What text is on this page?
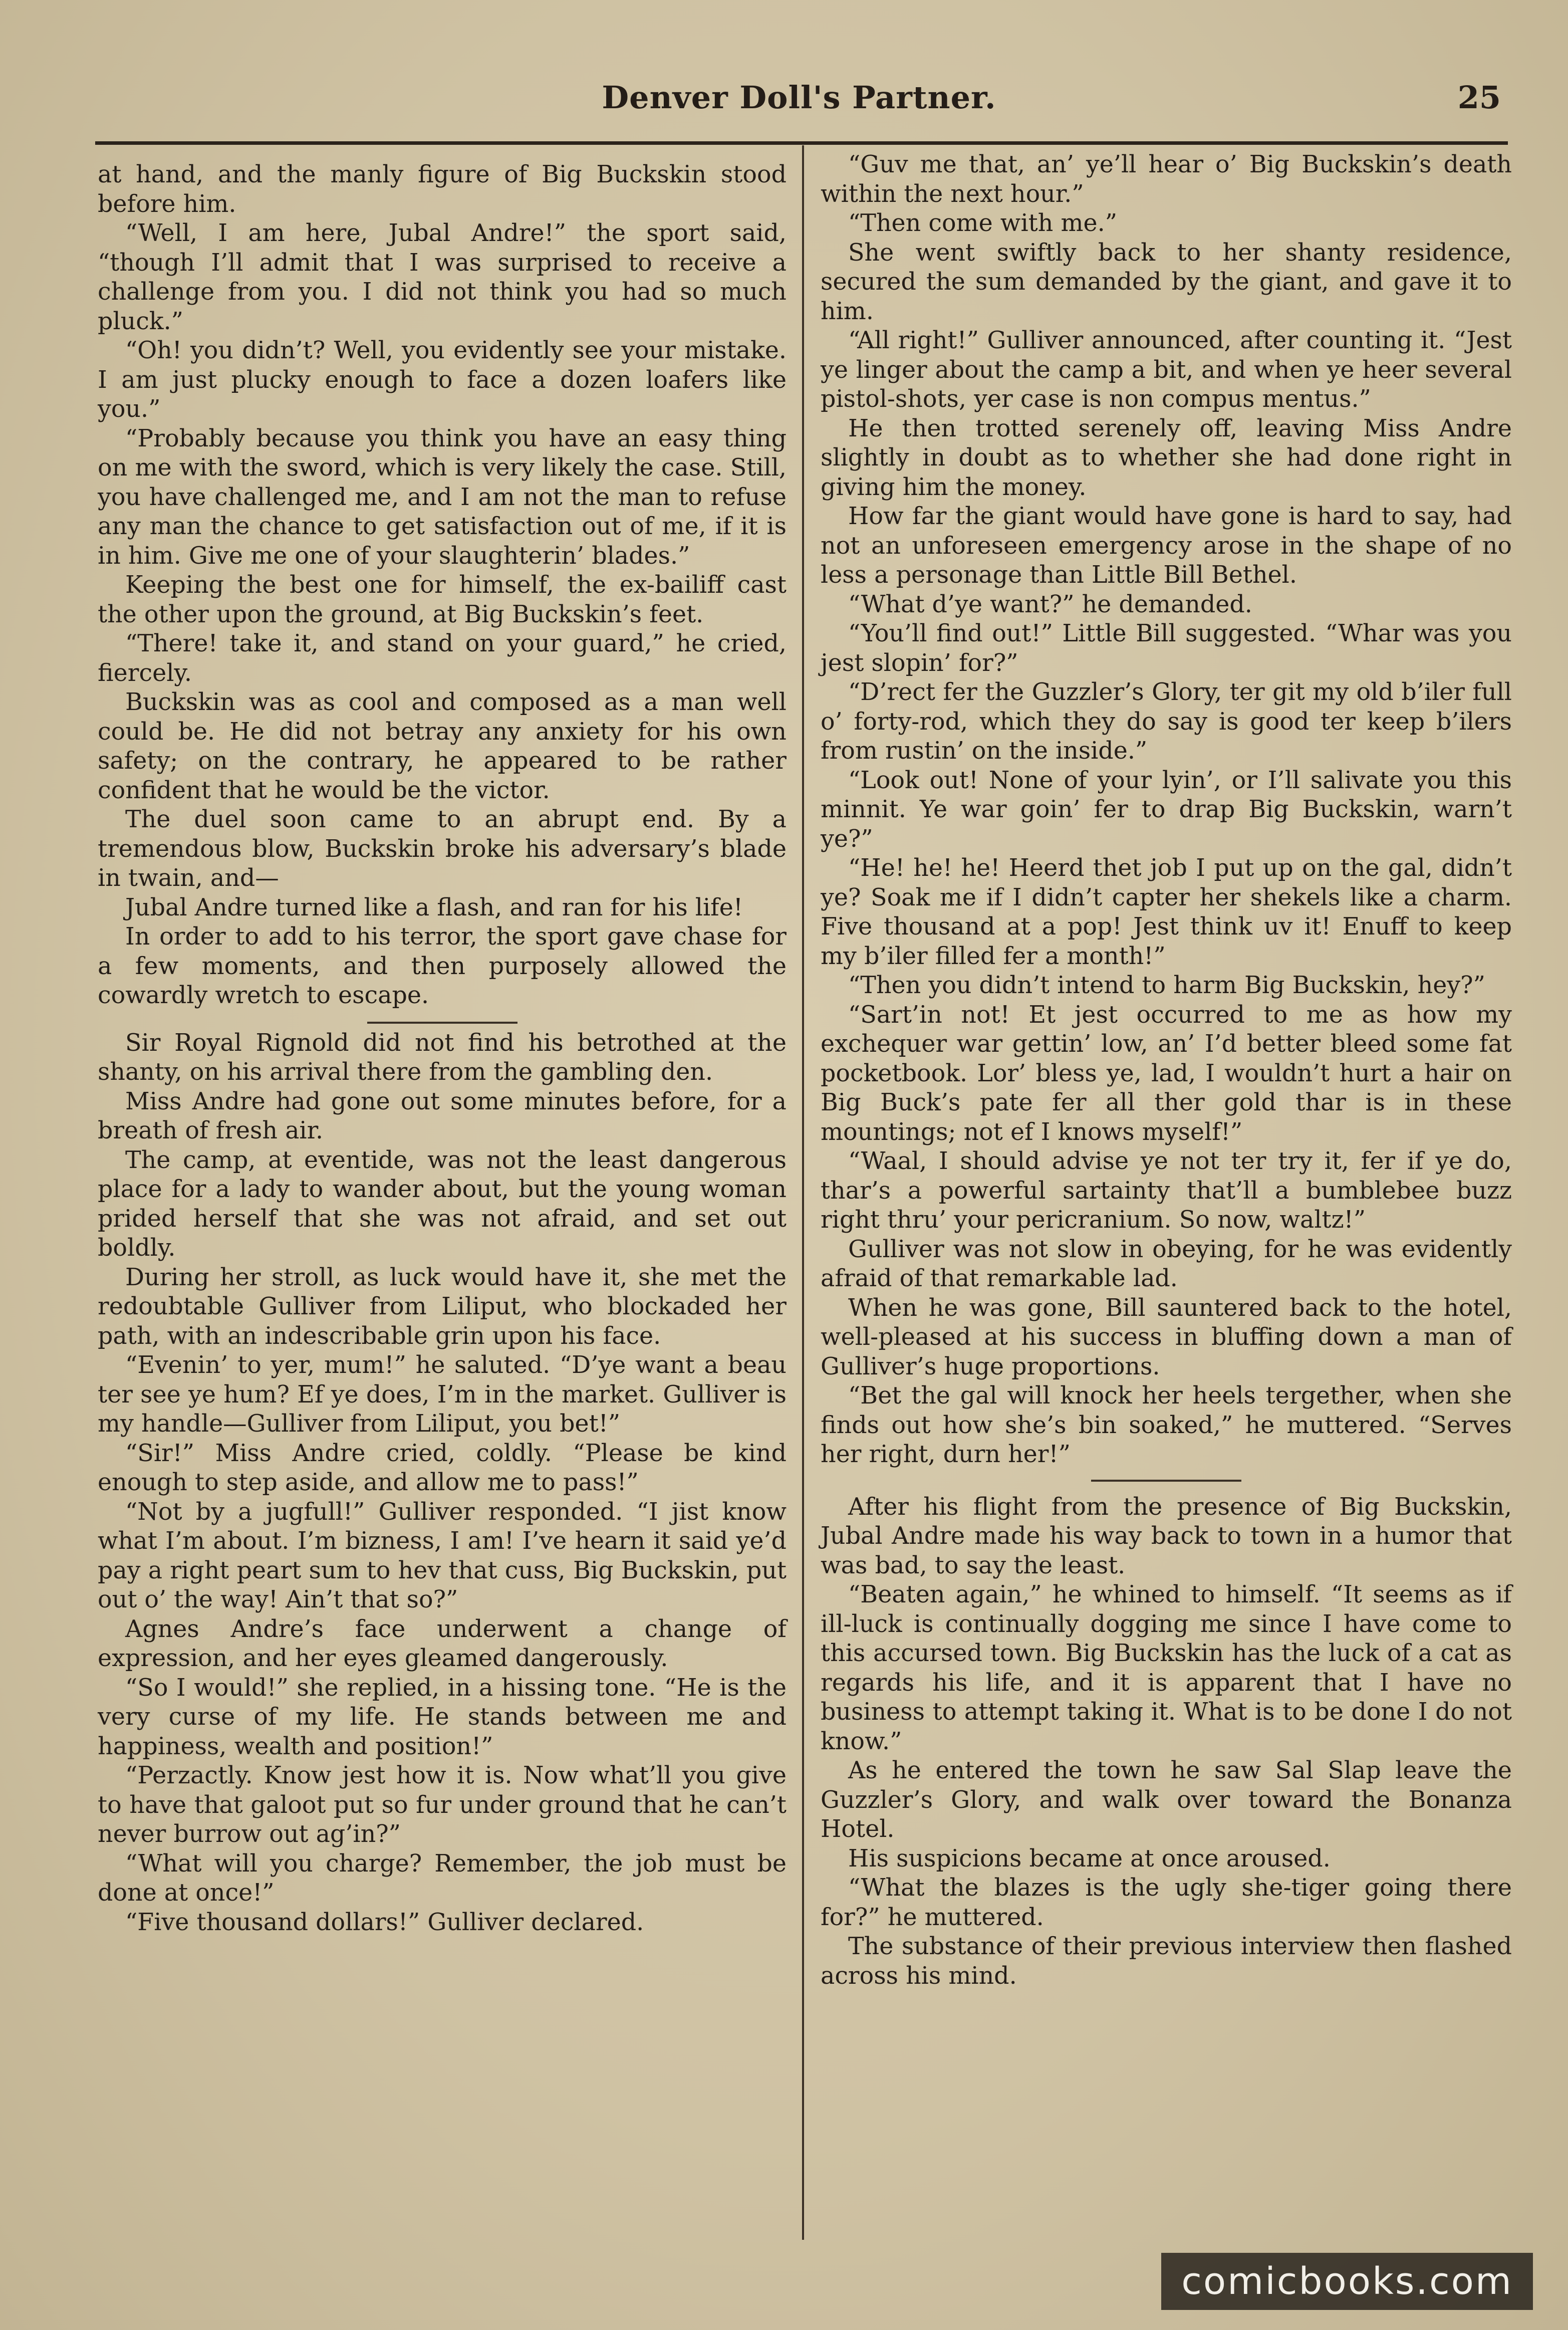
Denver Doll's Partner.	25

at hand, and the manly figure of Big Buckskin stood before him.

“Well, I am here, Jubal Andre!” the sport said, “though I’ll admit that I was surprised to receive a challenge from you. I did not think you had so much pluck.”

“Oh! you didn’t? Well, you evidently see your mistake. I am just plucky enough to face a dozen loafers like you.”

“Probably because you think you have an easy thing on me with the sword, which is very likely the case. Still, you have challenged me, and I am not the man to refuse any man the chance to get satisfaction out of me, if it is in him. Give me one of your slaughterin’ blades.”

Keeping the best one for himself, the ex-bailiff cast the other upon the ground, at Big Buckskin’s feet.

“There! take it, and stand on your guard,” he cried, fiercely.

Buckskin was as cool and composed as a man well could be. He did not betray any anxiety for his own safety; on the contrary, he appeared to be rather confident that he would be the victor.

The duel soon came to an abrupt end. By a tremendous blow, Buckskin broke his adversary’s blade in twain, and—

Jubal Andre turned like a flash, and ran for his life!

In order to add to his terror, the sport gave chase for a few moments, and then purposely allowed the cowardly wretch to escape.

Sir Royal Rignold did not find his betrothed at the shanty, on his arrival there from the gambling den.

Miss Andre had gone out some minutes before, for a breath of fresh air.

The camp, at eventide, was not the least dangerous place for a lady to wander about, but the young woman prided herself that she was not afraid, and set out boldly.

During her stroll, as luck would have it, she met the redoubtable Gulliver from Liliput, who blockaded her path, with an indescribable grin upon his face.

“Evenin’ to yer, mum!” he saluted. “D’ye want a beau ter see ye hum? Ef ye does, I’m in the market. Gulliver is my handle—Gulliver from Liliput, you bet!”

“Sir!” Miss Andre cried, coldly. “Please be kind enough to step aside, and allow me to pass!”

“Not by a jugfull!” Gulliver responded. “I jist know what I’m about. I’m bizness, I am! I’ve hearn it said ye’d pay a right peart sum to hev that cuss, Big Buckskin, put out o’ the way! Ain’t that so?”

Agnes Andre’s face underwent a change of expression, and her eyes gleamed dangerously.

“So I would!” she replied, in a hissing tone. “He is the very curse of my life. He stands between me and happiness, wealth and position!”

“Perzactly. Know jest how it is. Now what’ll you give to have that galoot put so fur under ground that he can’t never burrow out ag’in?”

“What will you charge? Remember, the job must be done at once!”

“Five thousand dollars!” Gulliver declared.

“Guv me that, an’ ye’ll hear o’ Big Buckskin’s death within the next hour.”

“Then come with me.”

She went swiftly back to her shanty residence, secured the sum demanded by the giant, and gave it to him.

“All right!” Gulliver announced, after counting it. “Jest ye linger about the camp a bit, and when ye heer several pistol-shots, yer case is non compus mentus.”

He then trotted serenely off, leaving Miss Andre slightly in doubt as to whether she had done right in giving him the money.

How far the giant would have gone is hard to say, had not an unforeseen emergency arose in the shape of no less a personage than Little Bill Bethel.

“What d’ye want?” he demanded.

“You’ll find out!” Little Bill suggested. “Whar was you jest slopin’ for?”

“D’rect fer the Guzzler’s Glory, ter git my old b’iler full o’ forty-rod, which they do say is good ter keep b’ilers from rustin’ on the inside.”

“Look out! None of your lyin’, or I’ll salivate you this minnit. Ye war goin’ fer to drap Big Buckskin, warn’t ye?”

“He! he! he! Heerd thet job I put up on the gal, didn’t ye? Soak me if I didn’t capter her shekels like a charm. Five thousand at a pop! Jest think uv it! Enuff to keep my b’iler filled fer a month!”

“Then you didn’t intend to harm Big Buckskin, hey?”

“Sart’in not! Et jest occurred to me as how my exchequer war gettin’ low, an’ I’d better bleed some fat pocketbook. Lor’ bless ye, lad, I wouldn’t hurt a hair on Big Buck’s pate fer all ther gold thar is in these mountings; not ef I knows myself!”

“Waal, I should advise ye not ter try it, fer if ye do, thar’s a powerful sartainty that’ll a bumblebee buzz right thru’ your pericranium. So now, waltz!”

Gulliver was not slow in obeying, for he was evidently afraid of that remarkable lad.

When he was gone, Bill sauntered back to the hotel, well-pleased at his success in bluffing down a man of Gulliver’s huge proportions.

“Bet the gal will knock her heels tergether, when she finds out how she’s bin soaked,” he muttered. “Serves her right, durn her!”

After his flight from the presence of Big Buckskin, Jubal Andre made his way back to town in a humor that was bad, to say the least.

“Beaten again,” he whined to himself. “It seems as if ill-luck is continually dogging me since I have come to this accursed town. Big Buckskin has the luck of a cat as regards his life, and it is apparent that I have no business to attempt taking it. What is to be done I do not know.”

As he entered the town he saw Sal Slap leave the Guzzler’s Glory, and walk over toward the Bonanza Hotel.

His suspicions became at once aroused.

“What the blazes is the ugly she-tiger going there for?” he muttered.

The substance of their previous interview then flashed across his mind.

comicbooks.com
